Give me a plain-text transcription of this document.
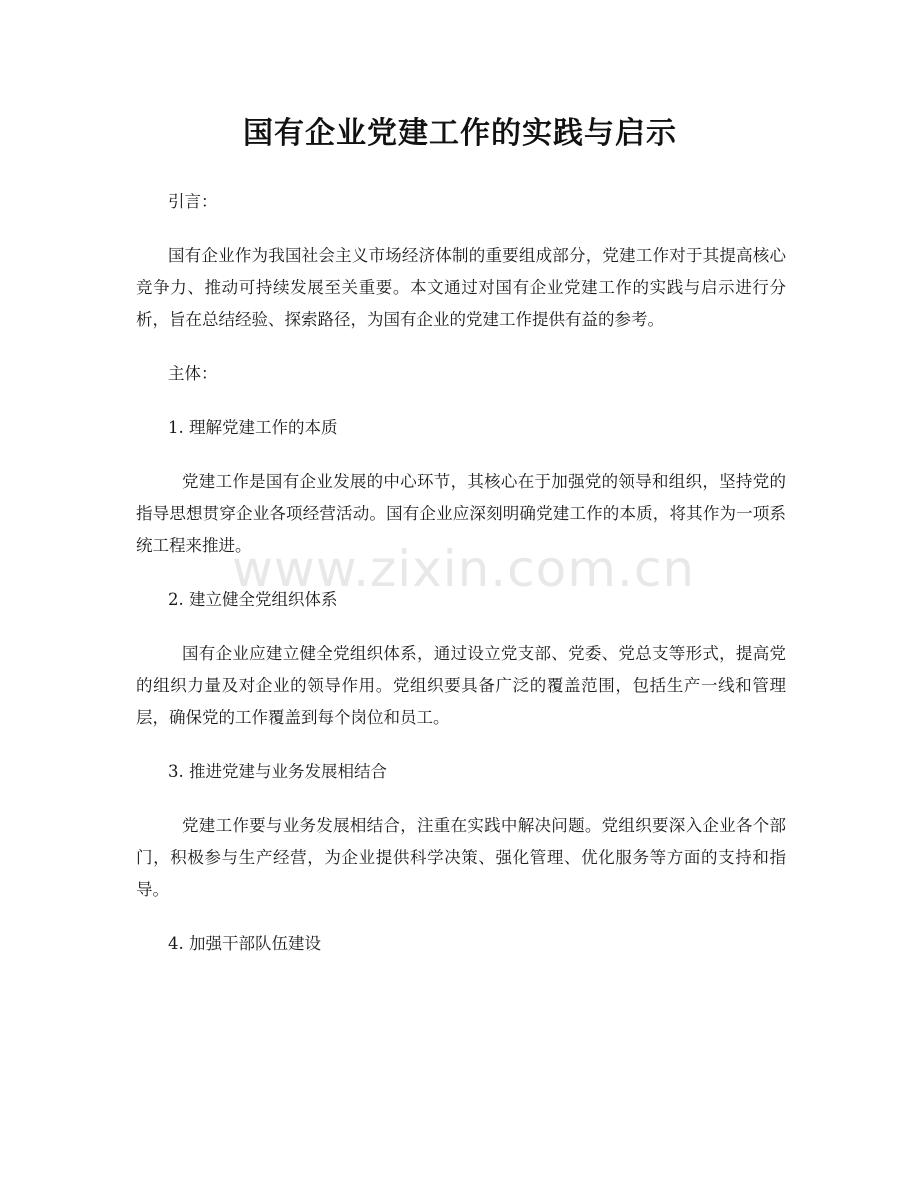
国有企业党建工作的实践与启示

引言：

国有企业作为我国社会主义市场经济体制的重要组成部分，党建工作对于其提高核心竞争力、推动可持续发展至关重要。本文通过对国有企业党建工作的实践与启示进行分析，旨在总结经验、探索路径，为国有企业的党建工作提供有益的参考。

主体：

1. 理解党建工作的本质

党建工作是国有企业发展的中心环节，其核心在于加强党的领导和组织，坚持党的指导思想贯穿企业各项经营活动。国有企业应深刻明确党建工作的本质，将其作为一项系统工程来推进。

2. 建立健全党组织体系

国有企业应建立健全党组织体系，通过设立党支部、党委、党总支等形式，提高党的组织力量及对企业的领导作用。党组织要具备广泛的覆盖范围，包括生产一线和管理层，确保党的工作覆盖到每个岗位和员工。

3. 推进党建与业务发展相结合

党建工作要与业务发展相结合，注重在实践中解决问题。党组织要深入企业各个部门，积极参与生产经营，为企业提供科学决策、强化管理、优化服务等方面的支持和指导。

4. 加强干部队伍建设

www.zixin.com.cn
